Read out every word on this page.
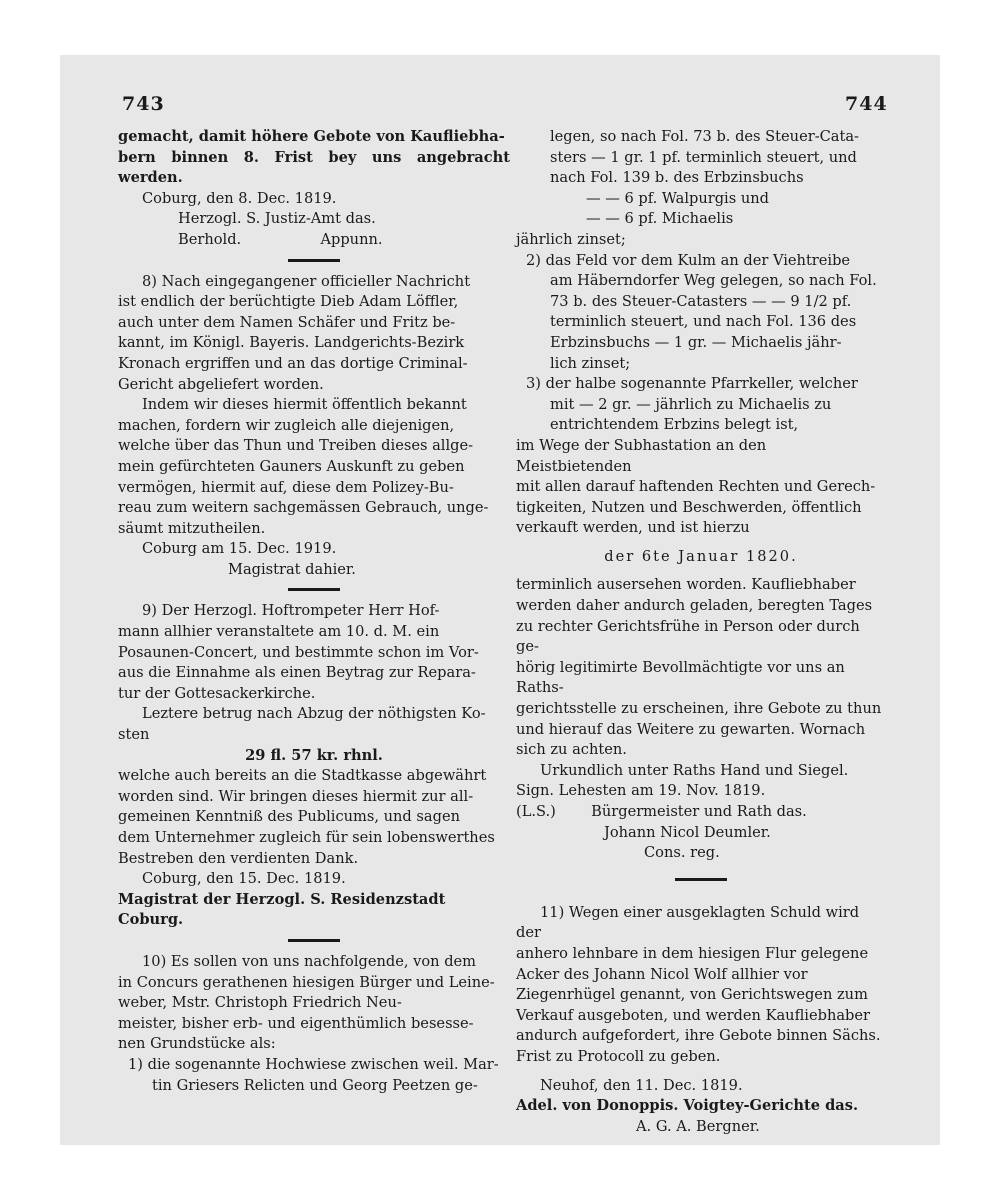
743	744

gemacht, damit höhere Gebote von Kaufliebha-

bern binnen 8. Frist bey uns angebracht werden.

Coburg, den 8. Dec. 1819.

Herzogl. S. Justiz-Amt das.

Berhold.	Appunn.

8) Nach eingegangener officieller Nachricht

ist endlich der berüchtigte Dieb Adam Löffler,

auch unter dem Namen Schäfer und Fritz be-

kannt, im Königl. Bayeris. Landgerichts-Bezirk

Kronach ergriffen und an das dortige Criminal-

Gericht abgeliefert worden.

Indem wir dieses hiermit öffentlich bekannt

machen, fordern wir zugleich alle diejenigen,

welche über das Thun und Treiben dieses allge-

mein gefürchteten Gauners Auskunft zu geben

vermögen, hiermit auf, diese dem Polizey-Bu-

reau zum weitern sachgemässen Gebrauch, unge-

säumt mitzutheilen.

Coburg am 15. Dec. 1919.

Magistrat dahier.

9) Der Herzogl. Hoftrompeter Herr Hof-

mann allhier veranstaltete am 10. d. M. ein

Posaunen-Concert, und bestimmte schon im Vor-

aus die Einnahme als einen Beytrag zur Repara-

tur der Gottesackerkirche.

Leztere betrug nach Abzug der nöthigsten Ko-

sten

29 fl. 57 kr. rhnl.

welche auch bereits an die Stadtkasse abgewährt

worden sind. Wir bringen dieses hiermit zur all-

gemeinen Kenntniß des Publicums, und sagen

dem Unternehmer zugleich für sein lobenswerthes

Bestreben den verdienten Dank.

Coburg, den 15. Dec. 1819.

Magistrat der Herzogl. S. Residenzstadt Coburg.

10) Es sollen von uns nachfolgende, von dem

in Concurs gerathenen hiesigen Bürger und Leine-

weber, Mstr. Christoph Friedrich Neu-

meister, bisher erb- und eigenthümlich besesse-

nen Grundstücke als:

1) die sogenannte Hochwiese zwischen weil. Mar-

tin Griesers Relicten und Georg Peetzen ge-

legen, so nach Fol. 73 b. des Steuer-Cata-

sters — 1 gr. 1 pf. terminlich steuert, und

nach Fol. 139 b. des Erbzinsbuchs

— — 6 pf. Walpurgis und

— — 6 pf. Michaelis

jährlich zinset;

2) das Feld vor dem Kulm an der Viehtreibe

am Häberndorfer Weg gelegen, so nach Fol.

73 b. des Steuer-Catasters — — 9 1/2 pf.

terminlich steuert, und nach Fol. 136 des

Erbzinsbuchs — 1 gr. — Michaelis jähr-

lich zinset;

3) der halbe sogenannte Pfarrkeller, welcher

mit — 2 gr. — jährlich zu Michaelis zu

entrichtendem Erbzins belegt ist,

im Wege der Subhastation an den Meistbietenden

mit allen darauf haftenden Rechten und Gerech-

tigkeiten, Nutzen und Beschwerden, öffentlich

verkauft werden, und ist hierzu

der 6te Januar 1820.

terminlich ausersehen worden. Kaufliebhaber

werden daher andurch geladen, beregten Tages

zu rechter Gerichtsfrühe in Person oder durch ge-

hörig legitimirte Bevollmächtigte vor uns an Raths-

gerichtsstelle zu erscheinen, ihre Gebote zu thun

und hierauf das Weitere zu gewarten. Wornach

sich zu achten.

Urkundlich unter Raths Hand und Siegel.

Sign. Lehesten am 19. Nov. 1819.

(L.S.) Bürgermeister und Rath das.

Johann Nicol Deumler.

Cons. reg.

11) Wegen einer ausgeklagten Schuld wird der

anhero lehnbare in dem hiesigen Flur gelegene

Acker des Johann Nicol Wolf allhier vor

Ziegenrhügel genannt, von Gerichtswegen zum

Verkauf ausgeboten, und werden Kaufliebhaber

andurch aufgefordert, ihre Gebote binnen Sächs.

Frist zu Protocoll zu geben.

Neuhof, den 11. Dec. 1819.

Adel. von Donoppis. Voigtey-Gerichte das.

A. G. A. Bergner.
